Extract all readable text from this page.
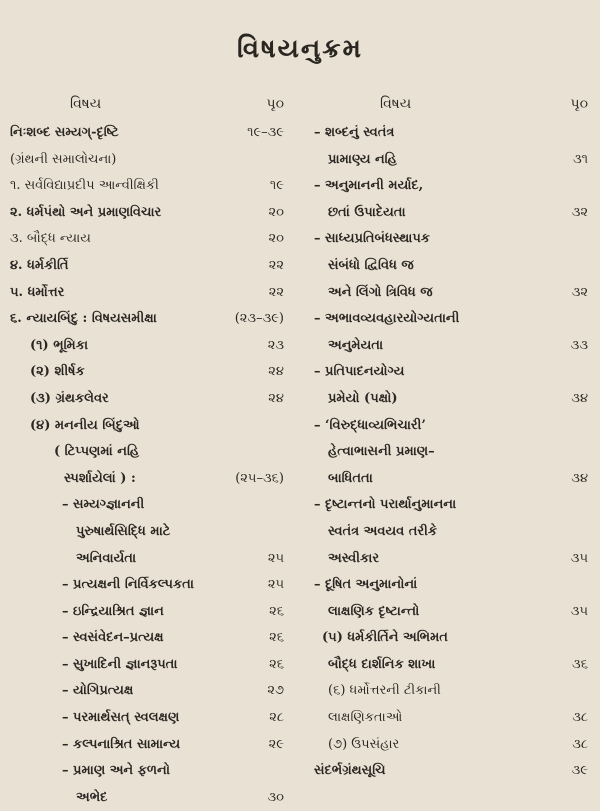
વિષયનુક્રમ
વિષય	પૃ૦
નિઃશબ્દ સમ્યગ્-દૃષ્ટિ	૧૯–૩૯
(ગ્રંથની સમાલોચના)
૧. સર્વવિદ્યાપ્રદીપ આન્વીક્ષિકી	૧૯
૨. ધર્મપંથો અને પ્રમાણવિચાર	૨૦
૩. બૌદ્ધ ન્યાય	૨૦
૪. ધર્મકીર્તિ	૨૨
૫. ધર્મોત્તર	૨૨
૬. ન્યાયબિંદુ : વિષયસમીક્ષા	(૨૩–૩૯)
(૧) ભૂમિકા	૨૩
(૨) શીર્ષક	૨૪
(૩) ગ્રંથકલેવર	૨૪
(૪) મનનીય બિંદુઓ
( ટિપ્પણમાં નહિ
સ્પર્શાયેલાં ) :	(૨૫–૩૬)
– સમ્યગ્જ્ઞાનની
પુરુષાર્થસિદ્ધિ માટે
અનિવાર્યતા	૨૫
– પ્રત્યક્ષની નિર્વિકલ્પકતા	૨૫
– ઇન્દ્રિયાશ્રિત જ્ઞાન	૨૬
– સ્વસંવેદન–પ્રત્યક્ષ	૨૬
– સુખાદિની જ્ઞાનરૂપતા	૨૬
– યોગિપ્રત્યક્ષ	૨૭
– પરમાર્થસત્ સ્વલક્ષણ	૨૮
– કલ્પનાશ્રિત સામાન્ય	૨૯
– પ્રમાણ અને ફળનો
અભેદ	૩૦
વિષય	પૃ૦
– શબ્દનું સ્વતંત્ર
પ્રામાણ્ય નહિ	૩૧
– અનુમાનની મર્યાદ,
છતાં ઉપાદેયતા	૩૨
– સાધ્યપ્રતિબંધસ્થાપક
સંબંધો દ્વિવિધ જ
અને લિંગો ત્રિવિધ જ	૩૨
– અભાવવ્યવહારયોગ્યતાની
અનુમેયતા	૩૩
– પ્રતિપાદનયોગ્ય
પ્રમેયો (પક્ષો)	૩૪
– ‘વિરુદ્ધાવ્યભિચારી’
હેત્વાભાસની પ્રમાણ–
બાધિતતા	૩૪
– દૃષ્ટાન્તનો પરાર્થાનુમાનના
સ્વતંત્ર અવયવ તરીકે
અસ્વીકાર	૩૫
– દૂષિત અનુમાનોનાં
લાક્ષણિક દૃષ્ટાન્તો	૩૫
(૫) ધર્મકીર્તિને અભિમત
બૌદ્ધ દાર્શનિક શાખા	૩૬
(૬) ધર્મોત્તરની ટીકાની
લાક્ષણિકતાઓ	૩૮
(૭) ઉપસંહાર	૩૮
સંદર્ભગ્રંથસૂચિ	૩૯
